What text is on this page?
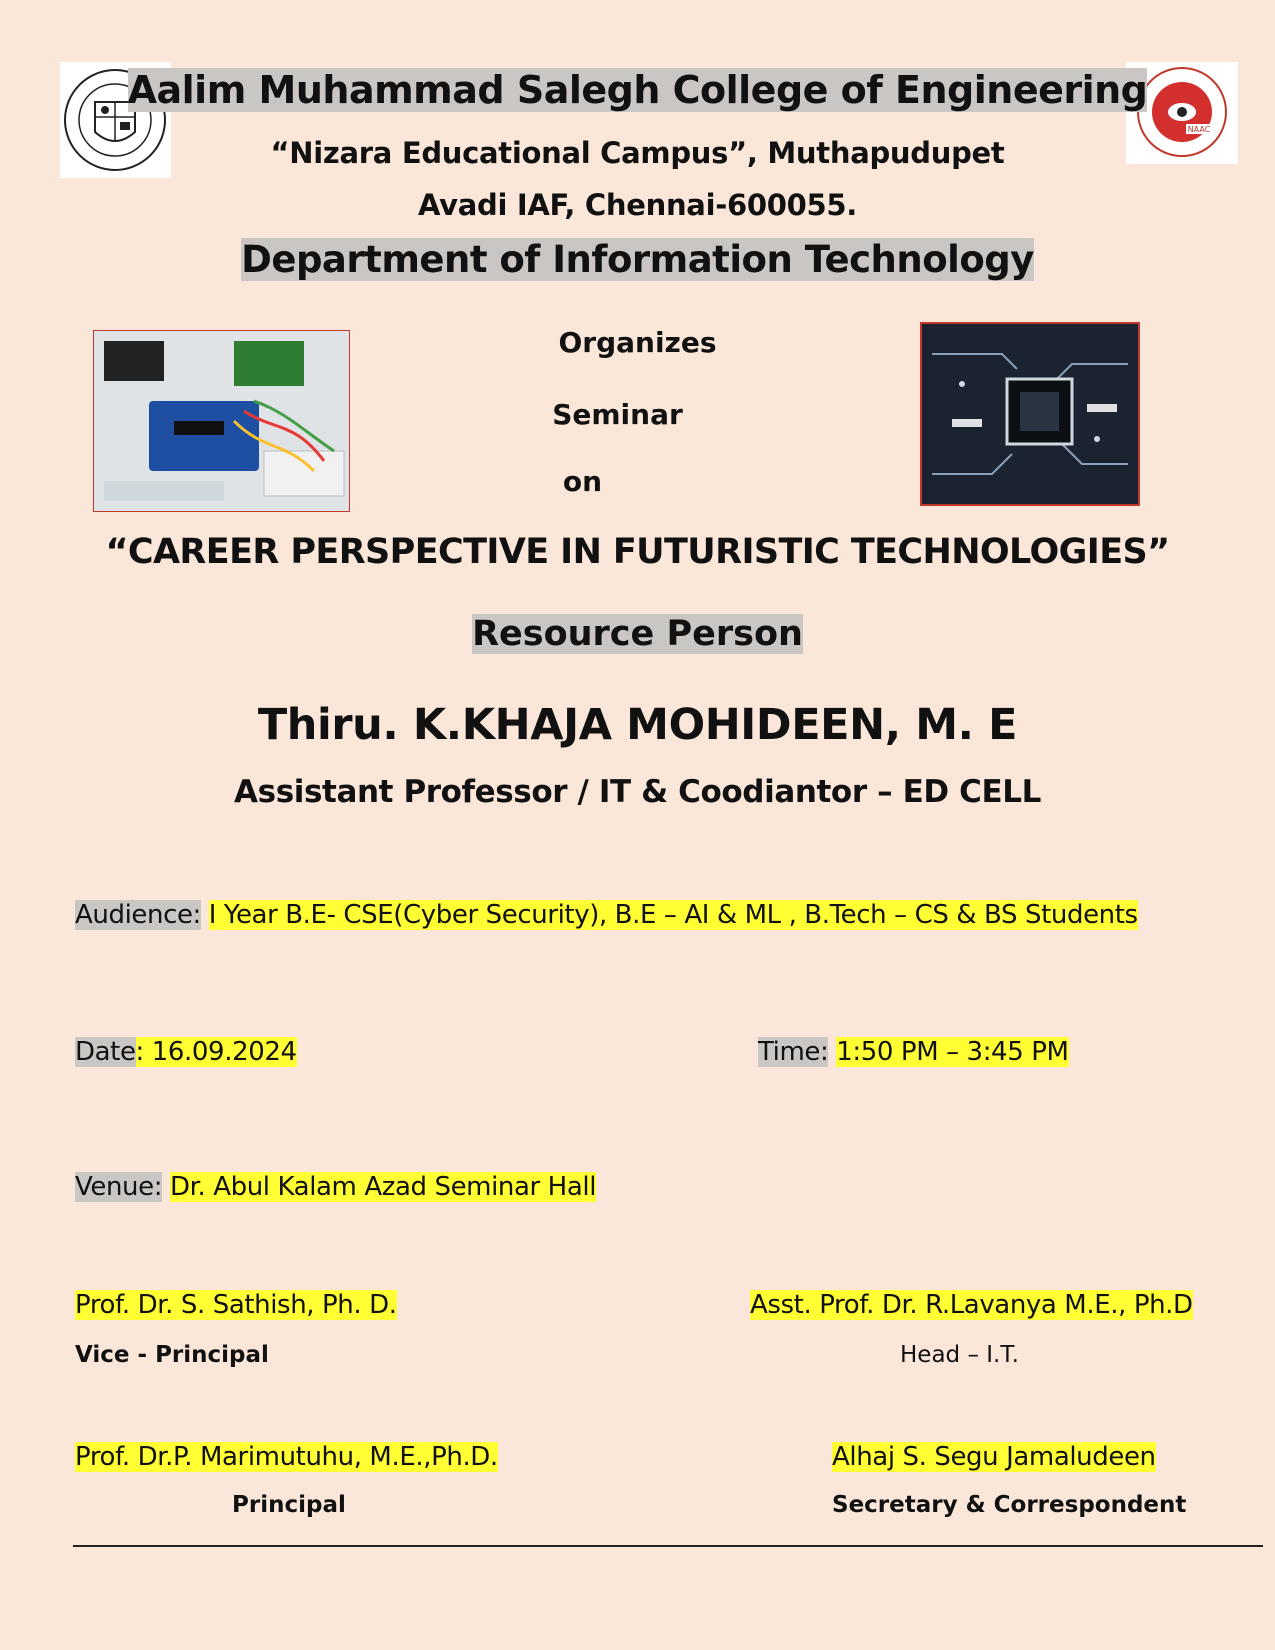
NAAC
Aalim Muhammad Salegh College of Engineering
“Nizara Educational Campus”, Muthapudupet
Avadi IAF, Chennai-600055.
Department of Information Technology
Organizes
Seminar
on
“CAREER PERSPECTIVE IN FUTURISTIC TECHNOLOGIES”
Resource Person
Thiru. K.KHAJA MOHIDEEN, M. E
Assistant Professor / IT & Coodiantor – ED CELL
Audience: I Year B.E- CSE(Cyber Security), B.E – AI & ML , B.Tech – CS & BS Students
Date: 16.09.2024	Time: 1:50 PM – 3:45 PM
Venue: Dr. Abul Kalam Azad Seminar Hall
Prof. Dr. S. Sathish, Ph. D.
Vice - Principal
Asst. Prof. Dr. R.Lavanya M.E., Ph.D
Head – I.T.
Prof. Dr.P. Marimutuhu, M.E.,Ph.D.
Principal
Alhaj S. Segu Jamaludeen
Secretary & Correspondent
